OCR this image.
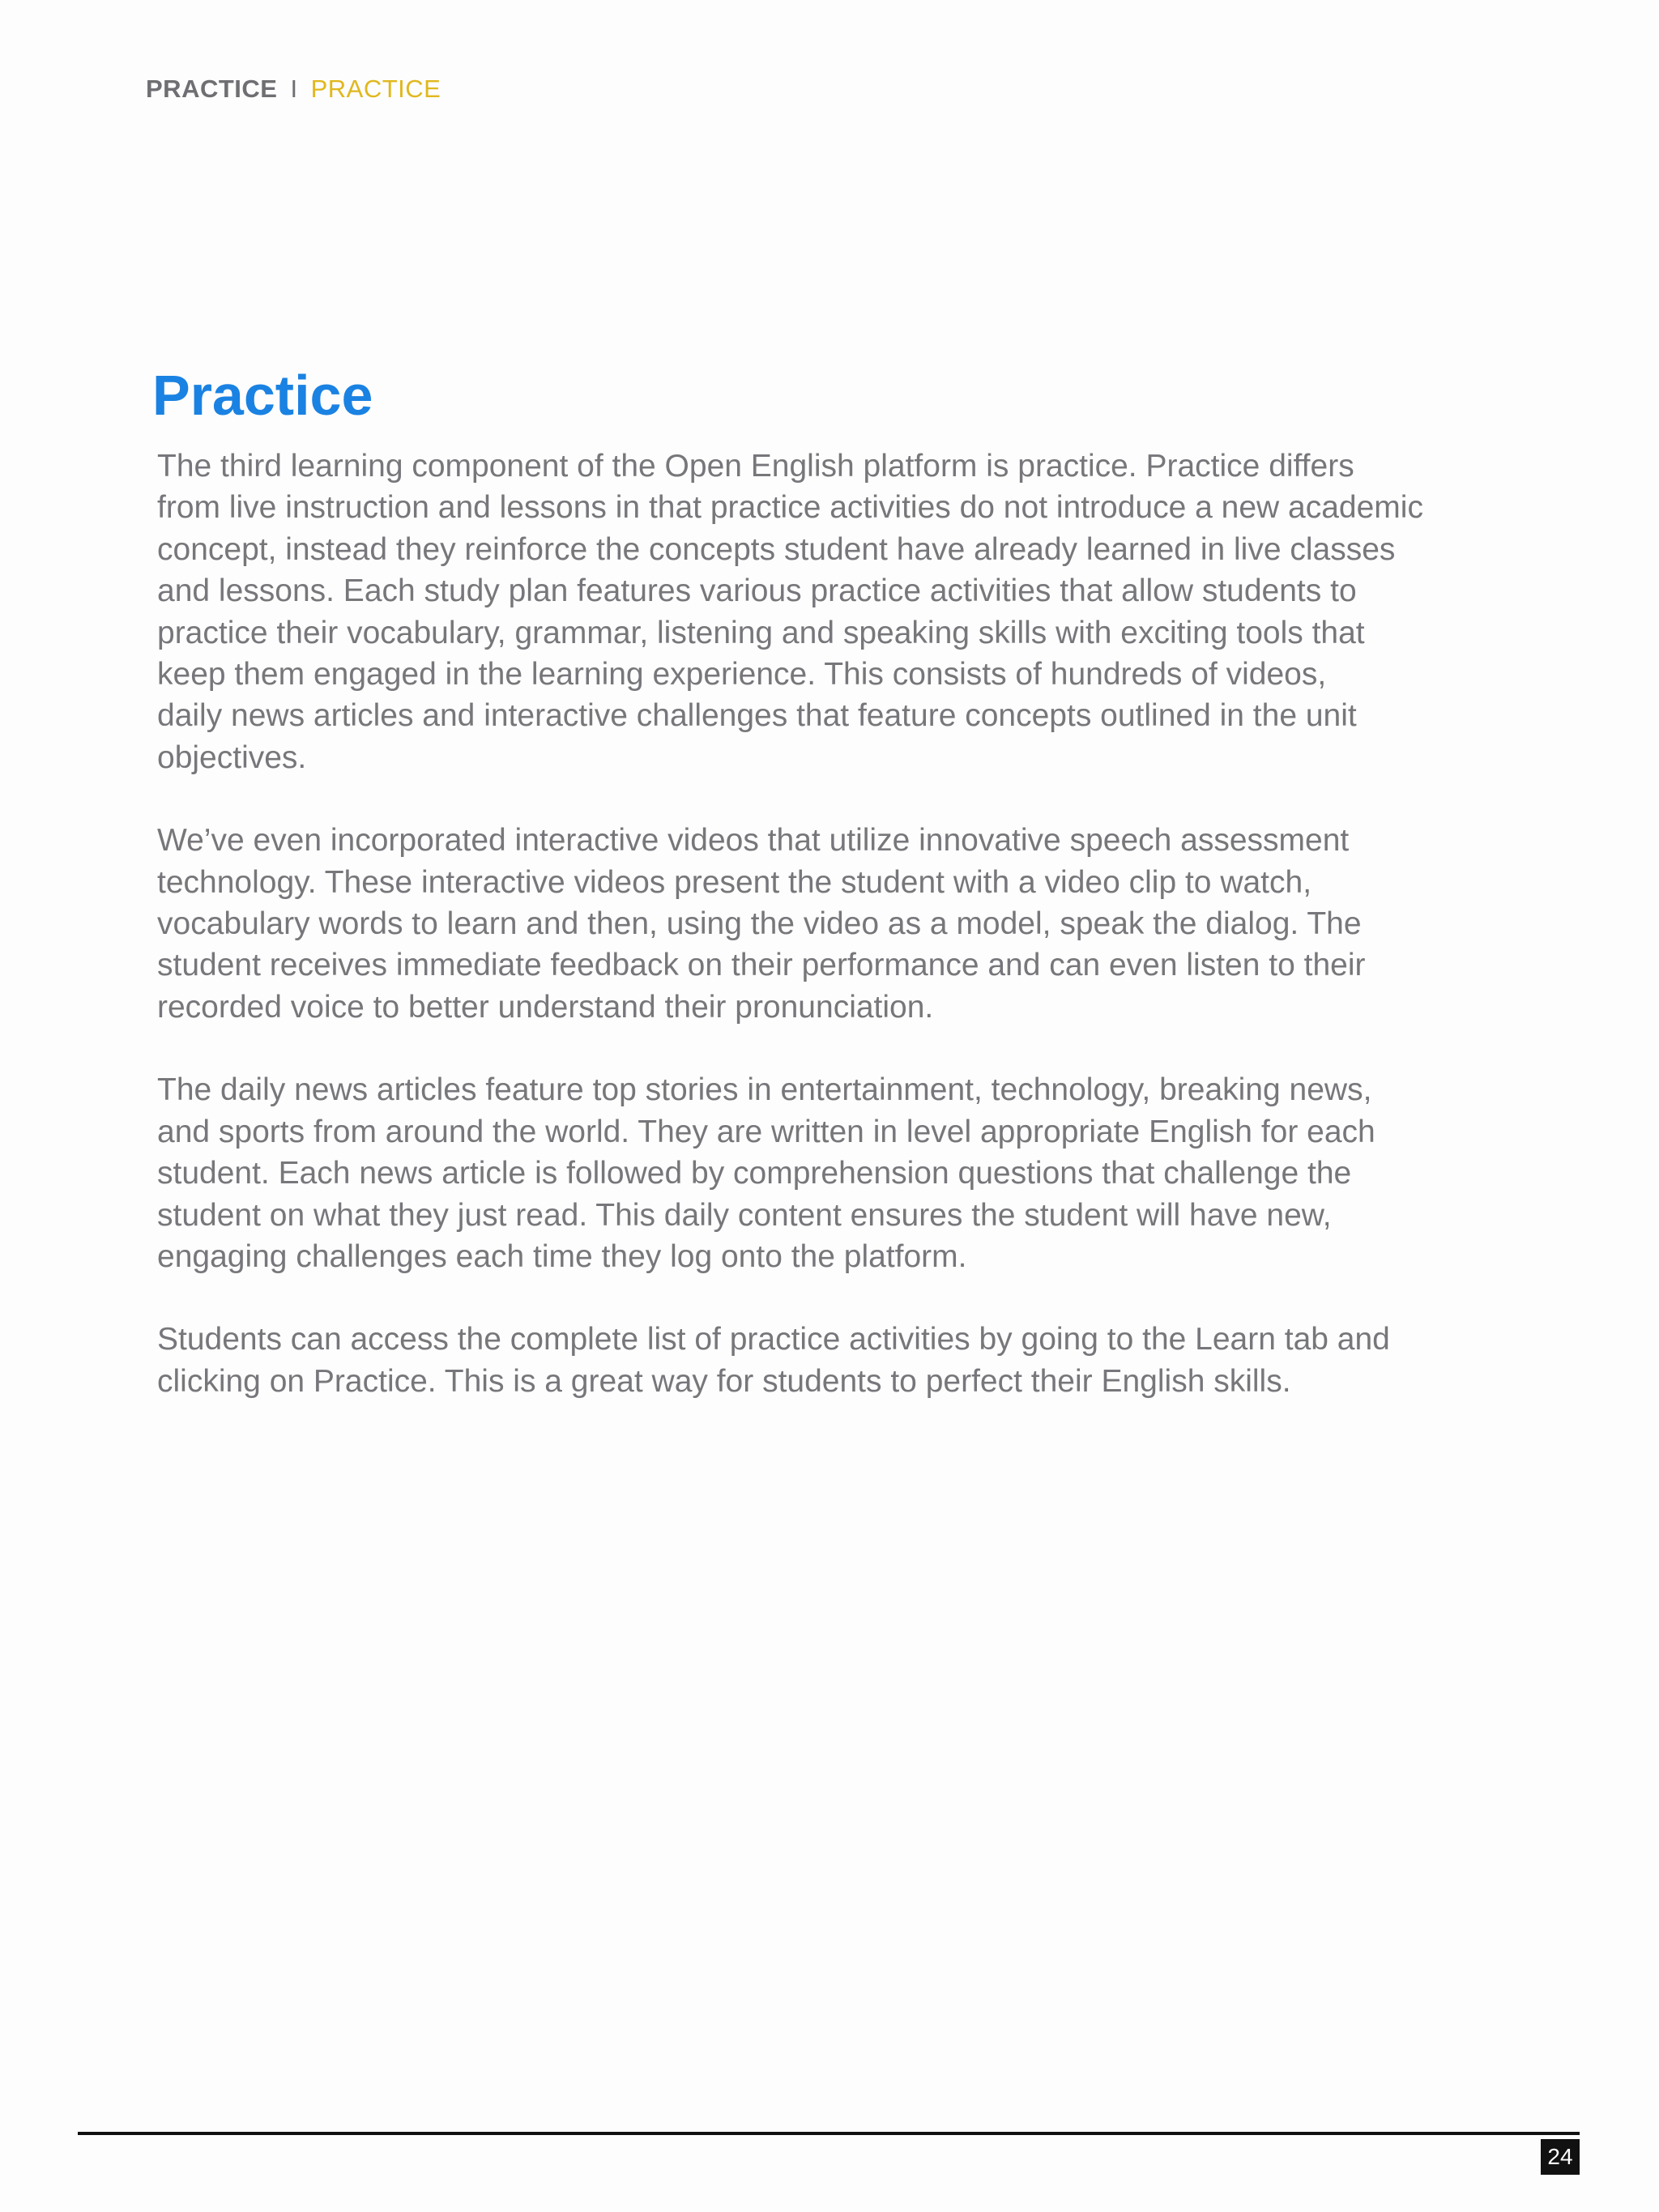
PRACTICE I PRACTICE
Practice

The third learning component of the Open English platform is practice. Practice differs
from live instruction and lessons in that practice activities do not introduce a new academic
concept, instead they reinforce the concepts student have already learned in live classes
and lessons. Each study plan features various practice activities that allow students to
practice their vocabulary, grammar, listening and speaking skills with exciting tools that
keep them engaged in the learning experience. This consists of hundreds of videos,
daily news articles and interactive challenges that feature concepts outlined in the unit
objectives.

We’ve even incorporated interactive videos that utilize innovative speech assessment
technology. These interactive videos present the student with a video clip to watch,
vocabulary words to learn and then, using the video as a model, speak the dialog. The
student receives immediate feedback on their performance and can even listen to their
recorded voice to better understand their pronunciation.

The daily news articles feature top stories in entertainment, technology, breaking news,
and sports from around the world. They are written in level appropriate English for each
student. Each news article is followed by comprehension questions that challenge the
student on what they just read. This daily content ensures the student will have new,
engaging challenges each time they log onto the platform.

Students can access the complete list of practice activities by going to the Learn tab and
clicking on Practice. This is a great way for students to perfect their English skills.

24
